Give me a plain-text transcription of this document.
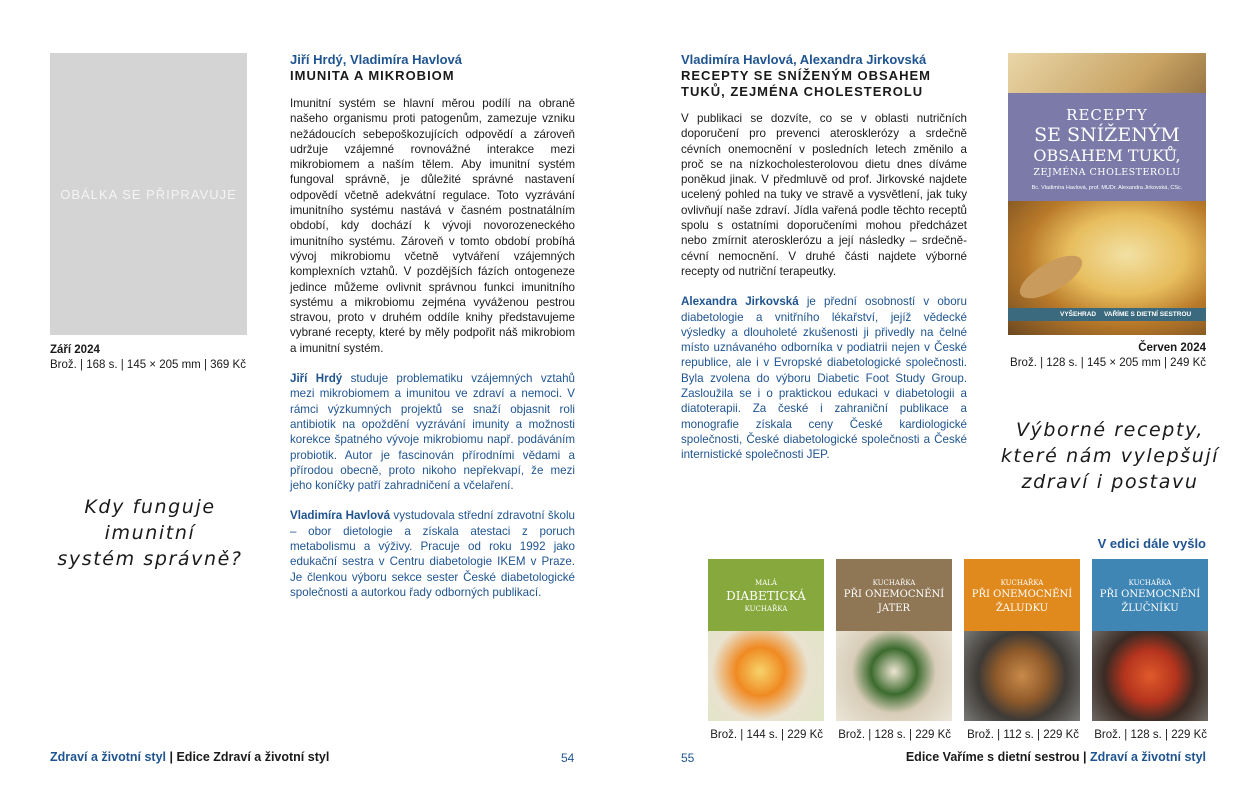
OBÁLKA SE PŘIPRAVUJE
Září 2024
Brož. | 168 s. | 145 × 205 mm | 369 Kč
Jiří Hrdý, Vladimíra Havlová
IMUNITA A MIKROBIOM

Imunitní systém se hlavní měrou podílí na obraně našeho organismu proti patogenům, zamezuje vzniku nežádoucích sebepoškozujících odpovědí a zároveň udržuje vzájemné rovnovážné interakce mezi mikrobiomem a naším tělem. Aby imunitní systém fungoval správně, je důležité správné nastavení odpovědí včetně adekvátní regulace. Toto vyzrávání imunitního systému nastává v časném postnatálním období, kdy dochází k vývoji novorozeneckého imunitního systému. Zároveň v tomto období probíhá vývoj mikrobiomu včetně vytváření vzájemných komplexních vztahů. V pozdějších fázích ontogeneze jedince můžeme ovlivnit správnou funkci imunitního systému a mikrobiomu zejména vyváženou pestrou stravou, proto v druhém oddíle knihy představujeme vybrané recepty, které by měly podpořit náš mikrobiom a imunitní systém.

Jiří Hrdý studuje problematiku vzájemných vztahů mezi mikrobiomem a imunitou ve zdraví a nemoci. V rámci výzkumných projektů se snaží objasnit roli antibiotik na opoždění vyzrávání imunity a možnosti korekce špatného vývoje mikrobiomu např. podáváním probiotik. Autor je fascinován přírodními vědami a přírodou obecně, proto nikoho nepřekvapí, že mezi jeho koníčky patří zahradničení a včelaření.

Vladimíra Havlová vystudovala střední zdravotní školu – obor dietologie a získala atestaci z poruch metabolismu a výživy. Pracuje od roku 1992 jako edukační sestra v Centru diabetologie IKEM v Praze. Je členkou výboru sekce sester České diabetologické společnosti a autorkou řady odborných publikací.

Kdy funguje
imunitní
systém správně?
Zdraví a životní styl | Edice Zdraví a životní styl	54	55
Vladimíra Havlová, Alexandra Jirkovská
RECEPTY SE SNÍŽENÝM OBSAHEM
TUKŮ, ZEJMÉNA CHOLESTEROLU

V publikaci se dozvíte, co se v oblasti nutričních doporučení pro prevenci aterosklerózy a srdečně cévních onemocnění v posledních letech změnilo a proč se na nízkocholesterolovou dietu dnes díváme poněkud jinak. V předmluvě od prof. Jirkovské najdete ucelený pohled na tuky ve stravě a vysvětlení, jak tuky ovlivňují naše zdraví. Jídla vařená podle těchto receptů spolu s ostatními doporučeními mohou předcházet nebo zmírnit aterosklerózu a její následky – srdečně-cévní nemocnění. V druhé části najdete výborné recepty od nutriční terapeutky.

Alexandra Jirkovská je přední osobností v oboru diabetologie a vnitřního lékařství, jejíž vědecké výsledky a dlouholeté zkušenosti ji přivedly na čelné místo uznávaného odborníka v podiatrii nejen v České republice, ale i v Evropské diabetologické společnosti. Byla zvolena do výboru Diabetic Foot Study Group. Zasloužila se i o praktickou edukaci v diabetologii a diatoterapii. Za české i zahraniční publikace a monografie získala ceny České kardiologické společnosti, České diabetologické společnosti a České internistické společnosti JEP.

RECEPTY
SE SNÍŽENÝM
OBSAHEM TUKŮ,
ZEJMÉNA CHOLESTEROLU
Bc. Vladimíra Havlová, prof. MUDr. Alexandra Jirkovská, CSc.
VYŠEHRAD VAŘÍME S DIETNÍ SESTROU
Červen 2024
Brož. | 128 s. | 145 × 205 mm | 249 Kč
Výborné recepty,
které nám vylepšují
zdraví i postavu
V edici dále vyšlo
MALÁ
DIABETICKÁ
KUCHAŘKA
KUCHAŘKA
PŘI ONEMOCNĚNÍ
JATER
KUCHAŘKA
PŘI ONEMOCNĚNÍ
ŽALUDKU
KUCHAŘKA
PŘI ONEMOCNĚNÍ
ŽLUČNÍKU
Brož. | 144 s. | 229 Kč	Brož. | 128 s. | 229 Kč	Brož. | 112 s. | 229 Kč	Brož. | 128 s. | 229 Kč
Edice Vaříme s dietní sestrou | Zdraví a životní styl
